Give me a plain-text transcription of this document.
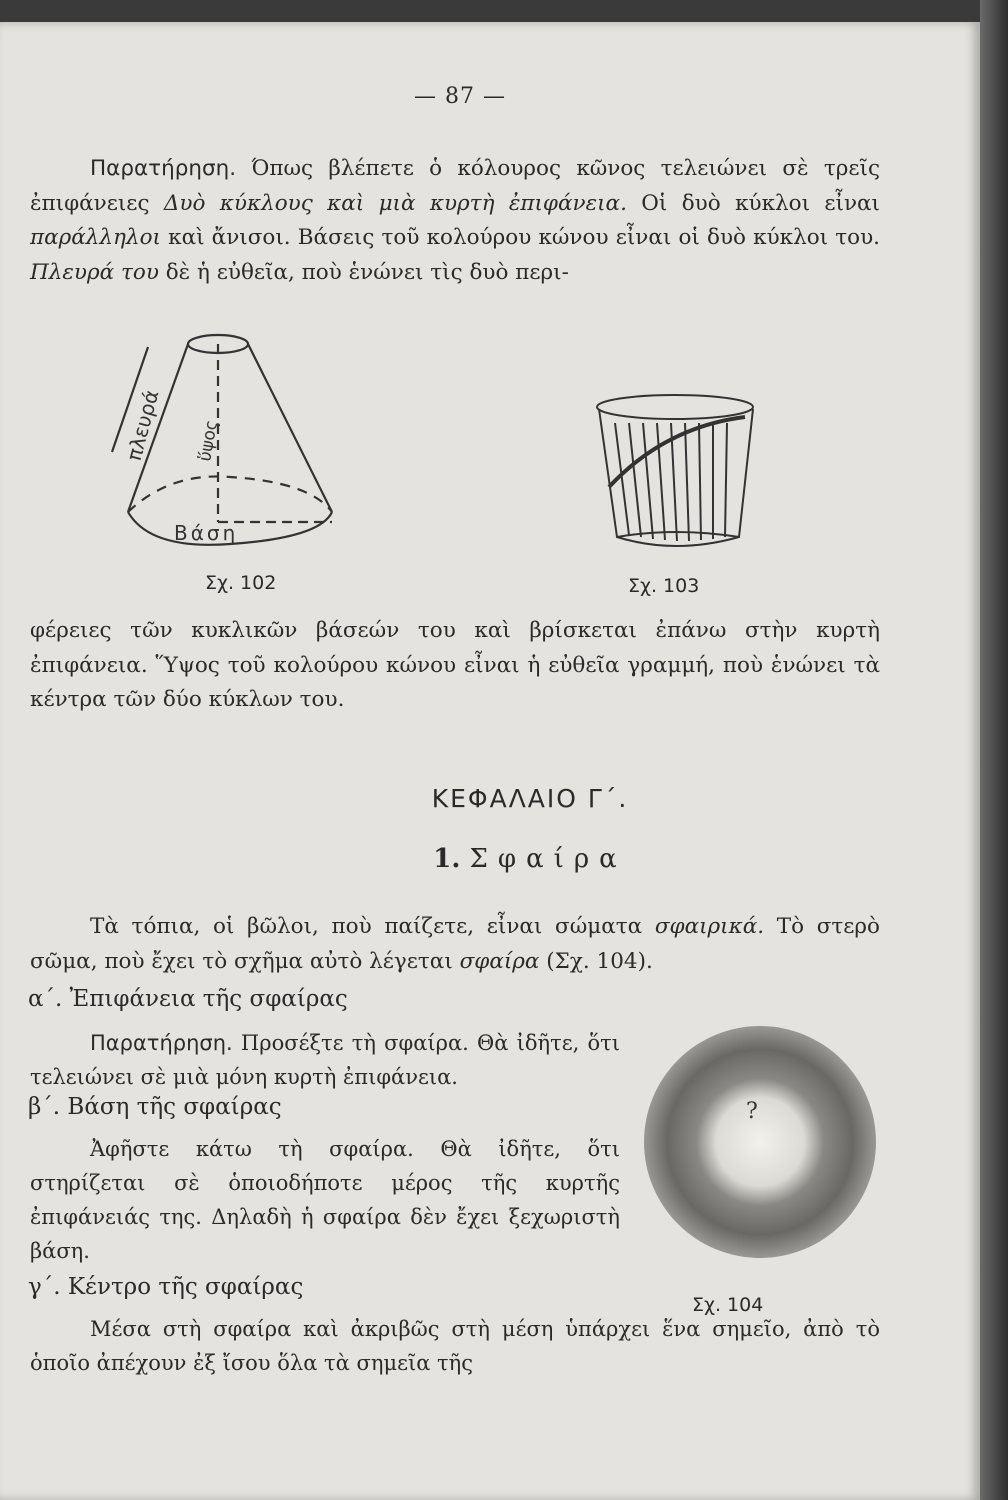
— 87 —
Παρατήρηση. Όπως βλέπετε ὁ κόλουρος κῶνος τελειώνει σὲ τρεῖς ἐπιφάνειες Δυὸ κύκλους καὶ μιὰ κυρτὴ ἐπιφάνεια. Οἱ δυὸ κύκλοι εἶναι παράλληλοι καὶ ἄνισοι. Βάσεις τοῦ κολούρου κώνου εἶναι οἱ δυὸ κύκλοι του. Πλευρά του δὲ ἡ εὐθεῖα, ποὺ ἑνώνει τὶς δυὸ περι-
πλευρά ὕψος
Βάση
Σχ. 102	Σχ. 103
φέρειες τῶν κυκλικῶν βάσεών του καὶ βρίσκεται ἐπάνω στὴν κυρτὴ ἐπιφάνεια. Ὕψος τοῦ κολούρου κώνου εἶναι ἡ εὐθεῖα γραμμή, ποὺ ἑνώνει τὰ κέντρα τῶν δύο κύκλων του.
ΚΕΦΑΛΑΙΟ Γ΄.
1. Σφαίρα
Τὰ τόπια, οἱ βῶλοι, ποὺ παίζετε, εἶναι σώματα σφαιρικά. Τὸ στερὸ σῶμα, ποὺ ἔχει τὸ σχῆμα αὐτὸ λέγεται σφαίρα (Σχ. 104).
α΄. Ἐπιφάνεια τῆς σφαίρας
Παρατήρηση. Προσέξτε τὴ σφαίρα. Θὰ ἰδῆτε, ὅτι τελειώνει σὲ μιὰ μόνη κυρτὴ ἐπιφάνεια.
β΄. Βάση τῆς σφαίρας
Ἀφῆστε κάτω τὴ σφαίρα. Θὰ ἰδῆτε, ὅτι στηρίζεται σὲ ὁποιοδήποτε μέρος τῆς κυρτῆς ἐπιφάνειάς της. Δηλαδὴ ἡ σφαίρα δὲν ἔχει ξεχωριστὴ βάση.
γ΄. Κέντρο τῆς σφαίρας
Μέσα στὴ σφαίρα καὶ ἀκριβῶς στὴ μέση ὑπάρχει ἕνα σημεῖο, ἀπὸ τὸ ὁποῖο ἀπέχουν ἐξ ἴσου ὅλα τὰ σημεῖα τῆς
?
Σχ. 104
